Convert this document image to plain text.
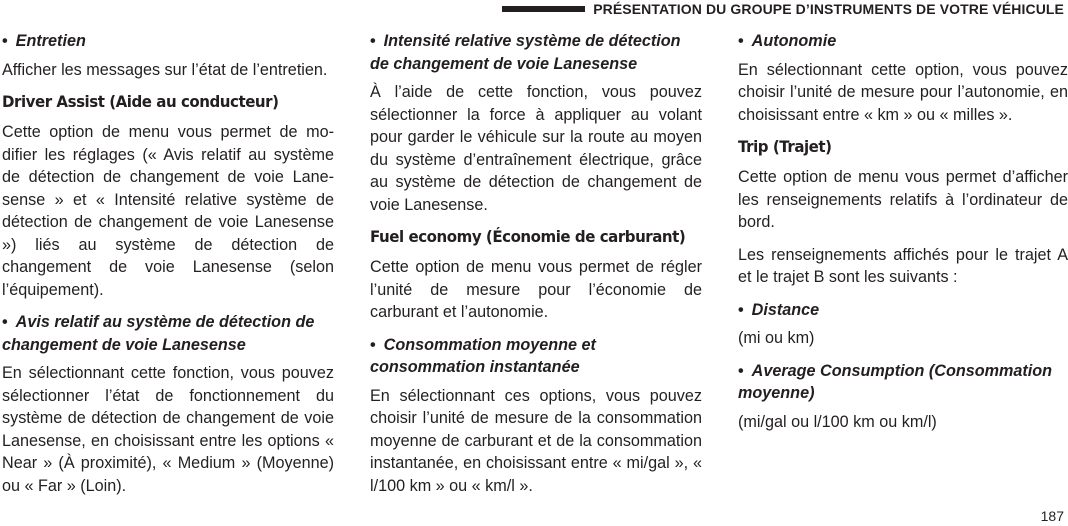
PRÉSENTATION DU GROUPE D’INSTRUMENTS DE VOTRE VÉHICULE
• Entretien

Afficher les messages sur l’état de l’entretien.

Driver Assist (Aide au conducteur)

Cette option de menu vous permet de modifier les réglages (« Avis relatif au système de détection de changement de voie Lanesense » et « Intensité relative système de détection de changement de voie Lanesense ») liés au système de détection de changement de voie Lanesense (selon l’équipement).

• Avis relatif au système de détection de changement de voie Lanesense

En sélectionnant cette fonction, vous pouvez sélectionner l’état de fonctionnement du système de détection de changement de voie Lanesense, en choisissant entre les options « Near » (À proximité), « Medium » (Moyenne) ou « Far » (Loin).

• Intensité relative système de détection de changement de voie Lanesense

À l’aide de cette fonction, vous pouvez sélectionner la force à appliquer au volant pour garder le véhicule sur la route au moyen du système d’entraînement électrique, grâce au système de détection de changement de voie Lanesense.

Fuel economy (Économie de carburant)

Cette option de menu vous permet de régler l’unité de mesure pour l’économie de carburant et l’autonomie.

• Consommation moyenne et consommation instantanée

En sélectionnant ces options, vous pouvez choisir l’unité de mesure de la consommation moyenne de carburant et de la consommation instantanée, en choisissant entre « mi/gal », « l/100 km » ou « km/l ».

• Autonomie

En sélectionnant cette option, vous pouvez choisir l’unité de mesure pour l’autonomie, en choisissant entre « km » ou « milles ».

Trip (Trajet)

Cette option de menu vous permet d’afficher les renseignements relatifs à l’ordinateur de bord.

Les renseignements affichés pour le trajet A et le trajet B sont les suivants :

• Distance

(mi ou km)

• Average Consumption (Consommation moyenne)

(mi/gal ou l/100 km ou km/l)

187
